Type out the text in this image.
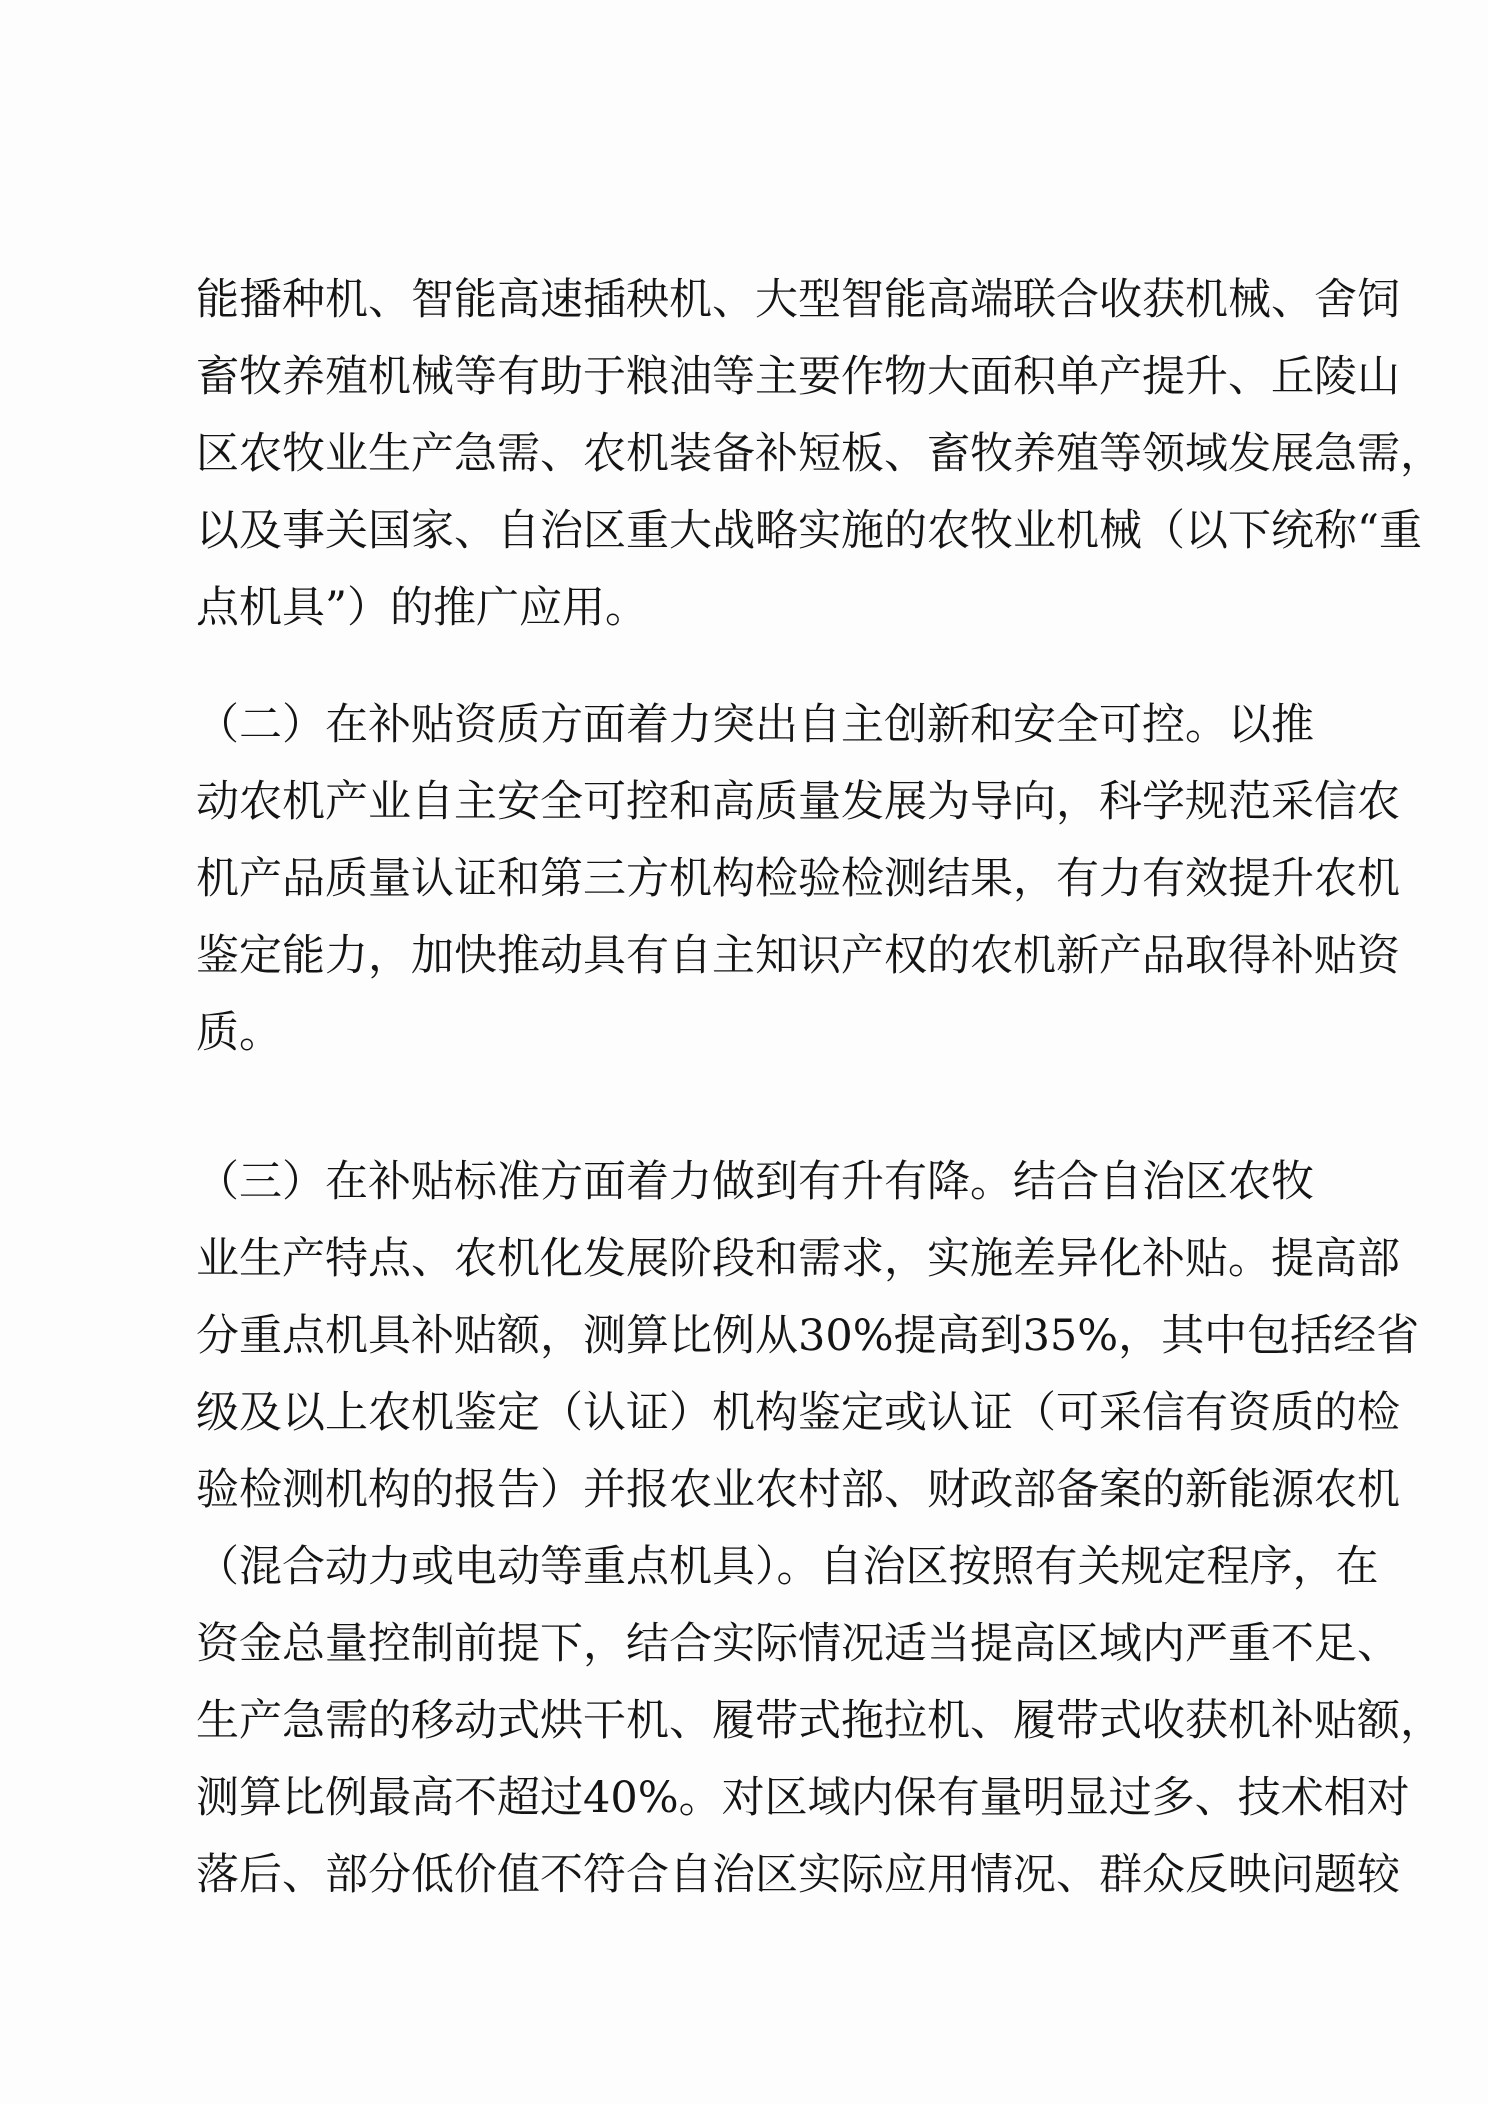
能播种机、智能高速插秧机、大型智能高端联合收获机械、舍饲
畜牧养殖机械等有助于粮油等主要作物大面积单产提升、丘陵山
区农牧业生产急需、农机装备补短板、畜牧养殖等领域发展急需，
以及事关国家、自治区重大战略实施的农牧业机械（以下统称“重
点机具”）的推广应用。
（二）在补贴资质方面着力突出自主创新和安全可控。以推
动农机产业自主安全可控和高质量发展为导向，科学规范采信农
机产品质量认证和第三方机构检验检测结果，有力有效提升农机
鉴定能力，加快推动具有自主知识产权的农机新产品取得补贴资
质。
（三）在补贴标准方面着力做到有升有降。结合自治区农牧
业生产特点、农机化发展阶段和需求，实施差异化补贴。提高部
分重点机具补贴额，测算比例从30%提高到35%，其中包括经省
级及以上农机鉴定（认证）机构鉴定或认证（可采信有资质的检
验检测机构的报告）并报农业农村部、财政部备案的新能源农机
（混合动力或电动等重点机具）。自治区按照有关规定程序，在
资金总量控制前提下，结合实际情况适当提高区域内严重不足、
生产急需的移动式烘干机、履带式拖拉机、履带式收获机补贴额，
测算比例最高不超过40%。对区域内保有量明显过多、技术相对
落后、部分低价值不符合自治区实际应用情况、群众反映问题较
